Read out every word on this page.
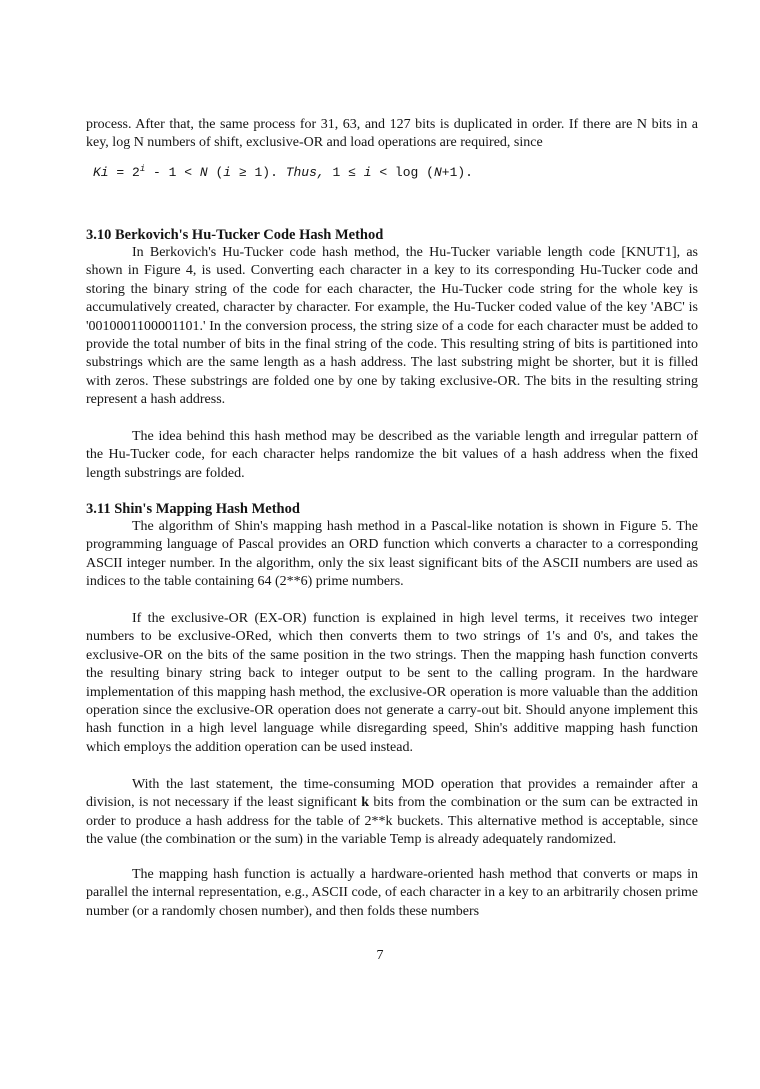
process. After that, the same process for 31, 63, and 127 bits is duplicated in order. If there are N bits in a key, log N numbers of shift, exclusive-OR and load operations are required, since

$Ki = 2^i - 1 < N$ (i ≥ 1). Thus, 1 ≤ i < log (N+1).

3.10 Berkovich's Hu-Tucker Code Hash Method

In Berkovich's Hu-Tucker code hash method, the Hu-Tucker variable length code [KNUT1], as shown in Figure 4, is used. Converting each character in a key to its corresponding Hu-Tucker code and storing the binary string of the code for each character, the Hu-Tucker code string for the whole key is accumulatively created, character by character. For example, the Hu-Tucker coded value of the key 'ABC' is '0010001100001101.' In the conversion process, the string size of a code for each character must be added to provide the total number of bits in the final string of the code. This resulting string of bits is partitioned into substrings which are the same length as a hash address. The last substring might be shorter, but it is filled with zeros. These substrings are folded one by one by taking exclusive-OR. The bits in the resulting string represent a hash address.

The idea behind this hash method may be described as the variable length and irregular pattern of the Hu-Tucker code, for each character helps randomize the bit values of a hash address when the fixed length substrings are folded.

3.11 Shin's Mapping Hash Method

The algorithm of Shin's mapping hash method in a Pascal-like notation is shown in Figure 5. The programming language of Pascal provides an ORD function which converts a character to a corresponding ASCII integer number. In the algorithm, only the six least significant bits of the ASCII numbers are used as indices to the table containing 64 (2**6) prime numbers.

If the exclusive-OR (EX-OR) function is explained in high level terms, it receives two integer numbers to be exclusive-ORed, which then converts them to two strings of 1's and 0's, and takes the exclusive-OR on the bits of the same position in the two strings. Then the mapping hash function converts the resulting binary string back to integer output to be sent to the calling program. In the hardware implementation of this mapping hash method, the exclusive-OR operation is more valuable than the addition operation since the exclusive-OR operation does not generate a carry-out bit. Should anyone implement this hash function in a high level language while disregarding speed, Shin's additive mapping hash function which employs the addition operation can be used instead.

With the last statement, the time-consuming MOD operation that provides a remainder after a division, is not necessary if the least significant k bits from the combination or the sum can be extracted in order to produce a hash address for the table of 2**k buckets. This alternative method is acceptable, since the value (the combination or the sum) in the variable Temp is already adequately randomized.

The mapping hash function is actually a hardware-oriented hash method that converts or maps in parallel the internal representation, e.g., ASCII code, of each character in a key to an arbitrarily chosen prime number (or a randomly chosen number), and then folds these numbers

7
